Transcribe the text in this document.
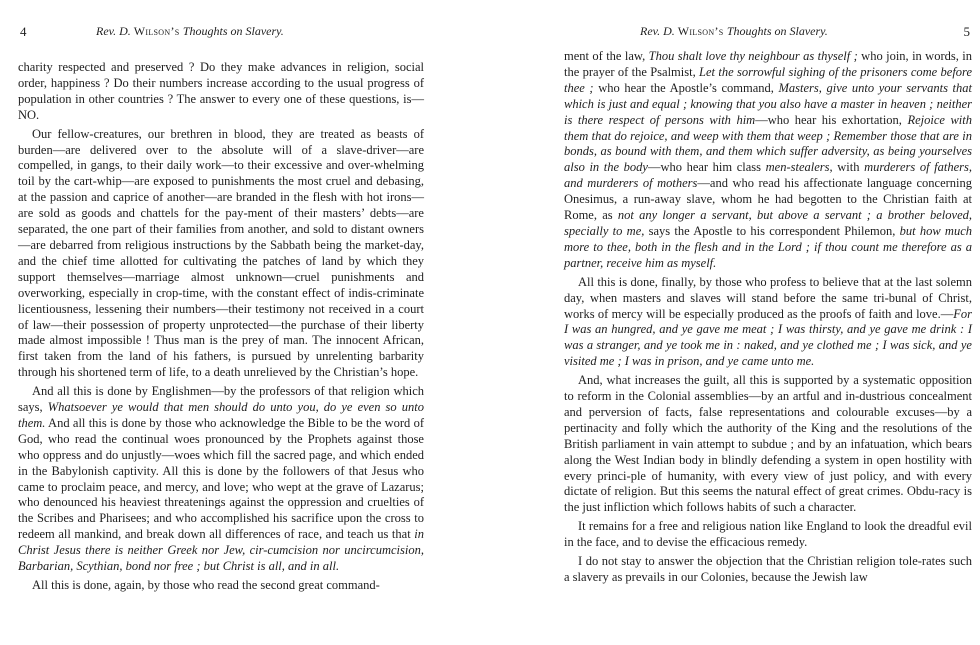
4	Rev. D. Wilson’s Thoughts on Slavery.

charity respected and preserved ? Do they make advances in religion, social order, happiness ? Do their numbers increase according to the usual progress of population in other countries ? The answer to every one of these questions, is—NO.

Our fellow-creatures, our brethren in blood, they are treated as beasts of burden—are delivered over to the absolute will of a slave-driver—are compelled, in gangs, to their daily work—to their excessive and over-whelming toil by the cart-whip—are exposed to punishments the most cruel and debasing, at the passion and caprice of another—are branded in the flesh with hot irons—are sold as goods and chattels for the pay-ment of their masters’ debts—are separated, the one part of their families from another, and sold to distant owners—are debarred from religious instructions by the Sabbath being the market-day, and the chief time allotted for cultivating the patches of land by which they support themselves—marriage almost unknown—cruel punishments and overworking, especially in crop-time, with the constant effect of indis-criminate licentiousness, lessening their numbers—their testimony not received in a court of law—their possession of property unprotected—the purchase of their liberty made almost impossible ! Thus man is the prey of man. The innocent African, first taken from the land of his fathers, is pursued by unrelenting barbarity through his shortened term of life, to a death unrelieved by the Christian’s hope.

And all this is done by Englishmen—by the professors of that religion which says, Whatsoever ye would that men should do unto you, do ye even so unto them. And all this is done by those who acknowledge the Bible to be the word of God, who read the continual woes pronounced by the Prophets against those who oppress and do unjustly—woes which fill the sacred page, and which ended in the Babylonish captivity. All this is done by the followers of that Jesus who came to proclaim peace, and mercy, and love; who wept at the grave of Lazarus; who denounced his heaviest threatenings against the oppression and cruelties of the Scribes and Pharisees; and who accomplished his sacrifice upon the cross to redeem all mankind, and break down all differences of race, and teach us that in Christ Jesus there is neither Greek nor Jew, cir-cumcision nor uncircumcision, Barbarian, Scythian, bond nor free ; but Christ is all, and in all.

All this is done, again, by those who read the second great command-

Rev. D. Wilson’s Thoughts on Slavery.	5

ment of the law, Thou shalt love thy neighbour as thyself ; who join, in words, in the prayer of the Psalmist, Let the sorrowful sighing of the prisoners come before thee ; who hear the Apostle’s command, Masters, give unto your servants that which is just and equal ; knowing that you also have a master in heaven ; neither is there respect of persons with him—who hear his exhortation, Rejoice with them that do rejoice, and weep with them that weep ; Remember those that are in bonds, as bound with them, and them which suffer adversity, as being yourselves also in the body—who hear him class men-stealers, with murderers of fathers, and murderers of mothers—and who read his affectionate language concerning Onesimus, a run-away slave, whom he had begotten to the Christian faith at Rome, as not any longer a servant, but above a servant ; a brother beloved, specially to me, says the Apostle to his correspondent Philemon, but how much more to thee, both in the flesh and in the Lord ; if thou count me therefore as a partner, receive him as myself.

All this is done, finally, by those who profess to believe that at the last solemn day, when masters and slaves will stand before the same tri-bunal of Christ, works of mercy will be especially produced as the proofs of faith and love.—For I was an hungred, and ye gave me meat ; I was thirsty, and ye gave me drink : I was a stranger, and ye took me in : naked, and ye clothed me ; I was sick, and ye visited me ; I was in prison, and ye came unto me.

And, what increases the guilt, all this is supported by a systematic opposition to reform in the Colonial assemblies—by an artful and in-dustrious concealment and perversion of facts, false representations and colourable excuses—by a pertinacity and folly which the authority of the King and the resolutions of the British parliament in vain attempt to subdue ; and by an infatuation, which bears along the West Indian body in blindly defending a system in open hostility with every princi-ple of humanity, with every view of just policy, and with every dictate of religion. But this seems the natural effect of great crimes. Obdu-racy is the just infliction which follows habits of such a character.

It remains for a free and religious nation like England to look the dreadful evil in the face, and to devise the efficacious remedy.

I do not stay to answer the objection that the Christian religion tole-rates such a slavery as prevails in our Colonies, because the Jewish law
